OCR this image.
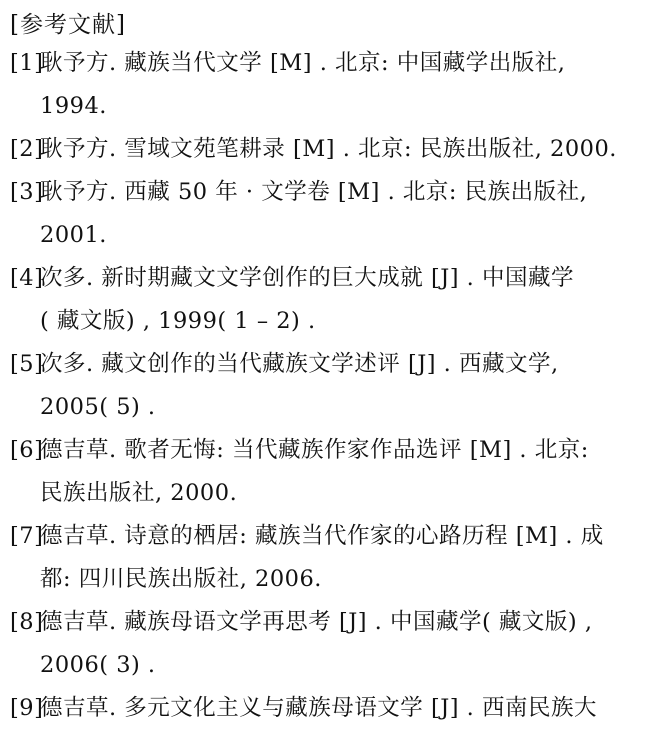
[参考文献]
[1]耿予方. 藏族当代文学 [M] . 北京: 中国藏学出版社,
1994.
[2]耿予方. 雪域文苑笔耕录 [M] . 北京: 民族出版社, 2000.
[3]耿予方. 西藏 50 年 · 文学卷 [M] . 北京: 民族出版社,
2001.
[4]次多. 新时期藏文文学创作的巨大成就 [J] . 中国藏学
( 藏文版) , 1999( 1 – 2) .
[5]次多. 藏文创作的当代藏族文学述评 [J] . 西藏文学,
2005( 5) .
[6]德吉草. 歌者无悔: 当代藏族作家作品选评 [M] . 北京:
民族出版社, 2000.
[7]德吉草. 诗意的栖居: 藏族当代作家的心路历程 [M] . 成
都: 四川民族出版社, 2006.
[8]德吉草. 藏族母语文学再思考 [J] . 中国藏学( 藏文版) ,
2006( 3) .
[9]德吉草. 多元文化主义与藏族母语文学 [J] . 西南民族大
